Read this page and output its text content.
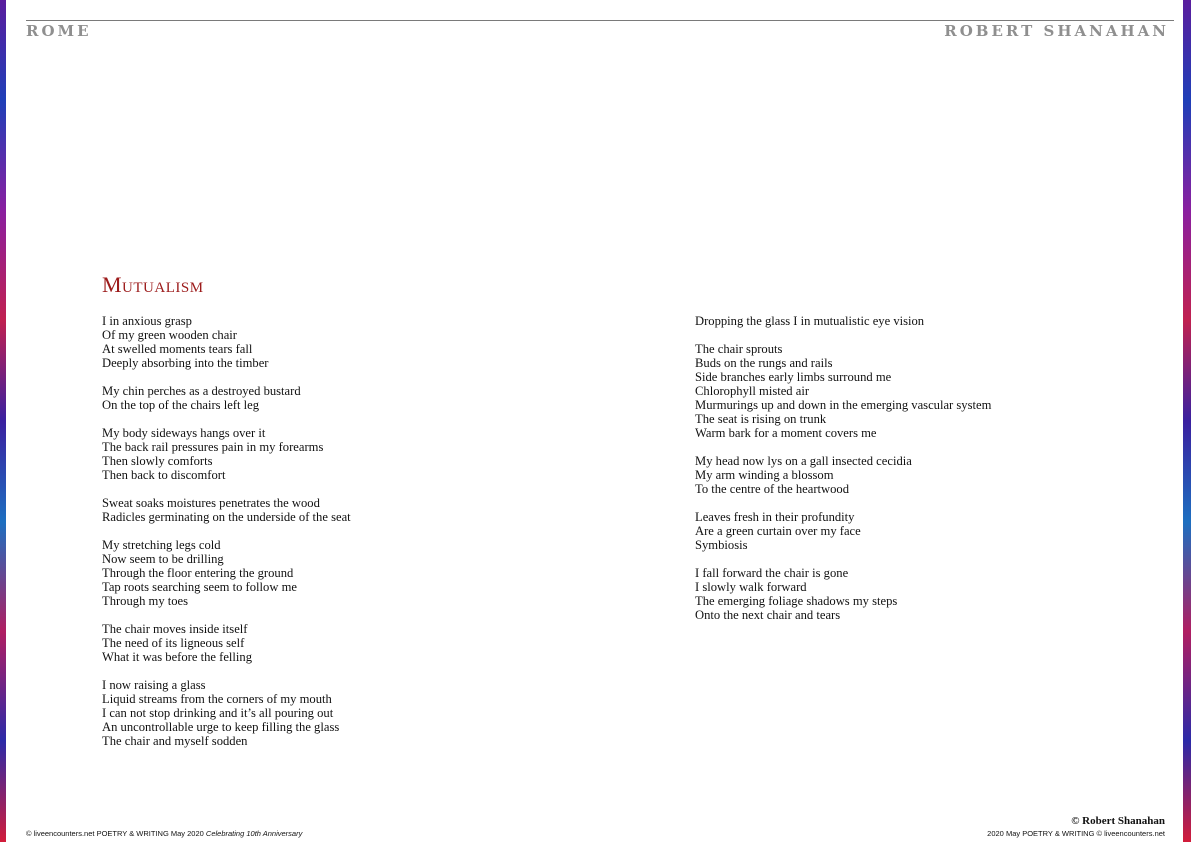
ROME	ROBERT SHANAHAN
Mutualism
I in anxious grasp
Of my green wooden chair
At swelled moments tears fall
Deeply absorbing into the timber
My chin perches as a destroyed bustard
On the top of the chairs left leg
My body sideways hangs over it
The back rail pressures pain in my forearms
Then slowly comforts
Then back to discomfort
Sweat soaks moistures penetrates the wood
Radicles germinating on the underside of the seat
My stretching legs cold
Now seem to be drilling
Through the floor entering the ground
Tap roots searching seem to follow me
Through my toes
The chair moves inside itself
The need of its ligneous self
What it was before the felling
I now raising a glass
Liquid streams from the corners of my mouth
I can not stop drinking and it’s all pouring out
An uncontrollable urge to keep filling the glass
The chair and myself sodden
Dropping the glass I in mutualistic eye vision
The chair sprouts
Buds on the rungs and rails
Side branches early limbs surround me
Chlorophyll misted air
Murmurings up and down in the emerging vascular system
The seat is rising on trunk
Warm bark for a moment covers me
My head now lys on a gall insected cecidia
My arm winding a blossom
To the centre of the heartwood
Leaves fresh in their profundity
Are a green curtain over my face
Symbiosis
I fall forward the chair is gone
I slowly walk forward
The emerging foliage shadows my steps
Onto the next chair and tears
© liveencounters.net POETRY & WRITING May 2020 Celebrating 10th Anniversary
© Robert Shanahan
2020 May POETRY & WRITING © liveencounters.net
